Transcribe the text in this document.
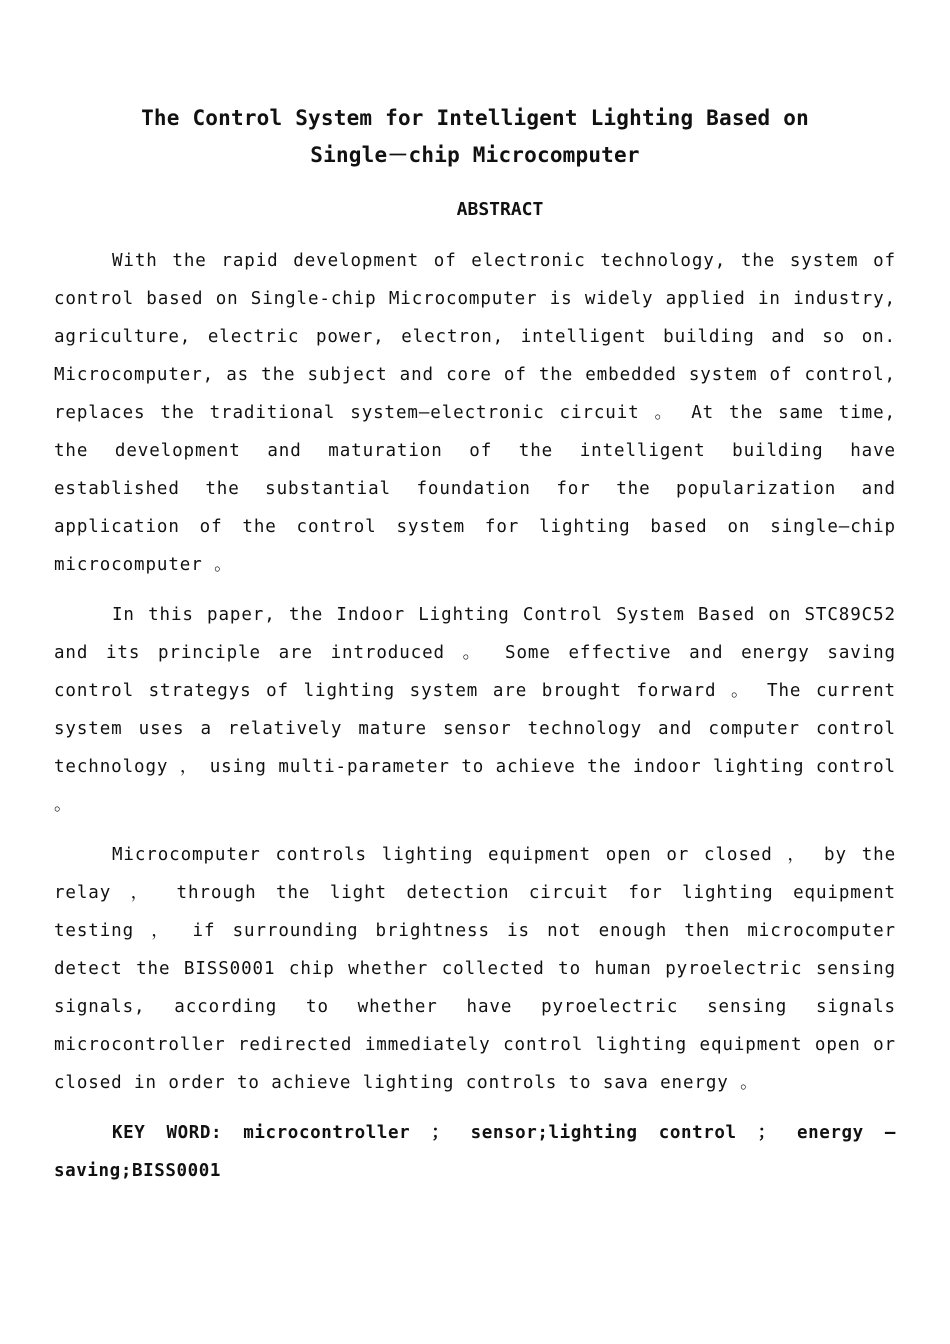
The Control System for Intelligent Lighting Based on
Single－chip Microcomputer
ABSTRACT

With the rapid development of electronic technology, the system of control based on Single-chip Microcomputer is widely applied in industry, agriculture, electric power, electron, intelligent building and so on. Microcomputer, as the subject and core of the embedded system of control, replaces the traditional system—electronic circuit 。 At the same time, the development and maturation of the intelligent building have established the substantial foundation for the popularization and application of the control system for lighting based on single—chip microcomputer 。

In this paper, the Indoor Lighting Control System Based on STC89C52 and its principle are introduced 。 Some effective and energy saving control strategys of lighting system are brought forward 。 The current system uses a relatively mature sensor technology and computer control technology ， using multi-parameter to achieve the indoor lighting control 。

Microcomputer controls lighting equipment open or closed ， by the relay ， through the light detection circuit for lighting equipment testing ， if surrounding brightness is not enough then microcomputer detect the BISS0001 chip whether collected to human pyroelectric sensing signals, according to whether have pyroelectric sensing signals microcontroller redirected immediately control lighting equipment open or closed in order to achieve lighting controls to sava energy 。

KEY WORD: microcontroller ； sensor;lighting control ； energy —saving;BISS0001
